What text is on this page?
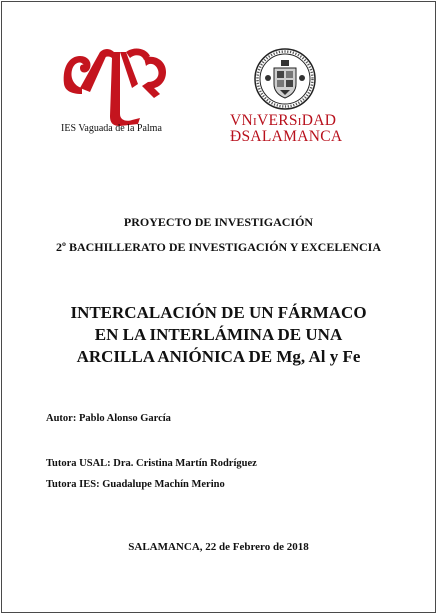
IES Vaguada de la Palma	VNiVERSiDAD
ÐSALAMANCA
PROYECTO DE INVESTIGACIÓN
2º BACHILLERATO DE INVESTIGACIÓN Y EXCELENCIA
INTERCALACIÓN DE UN FÁRMACO
EN LA INTERLÁMINA DE UNA
ARCILLA ANIÓNICA DE Mg, Al y Fe
Autor: Pablo Alonso García
Tutora USAL: Dra. Cristina Martín Rodríguez
Tutora IES: Guadalupe Machín Merino
SALAMANCA, 22 de Febrero de 2018
